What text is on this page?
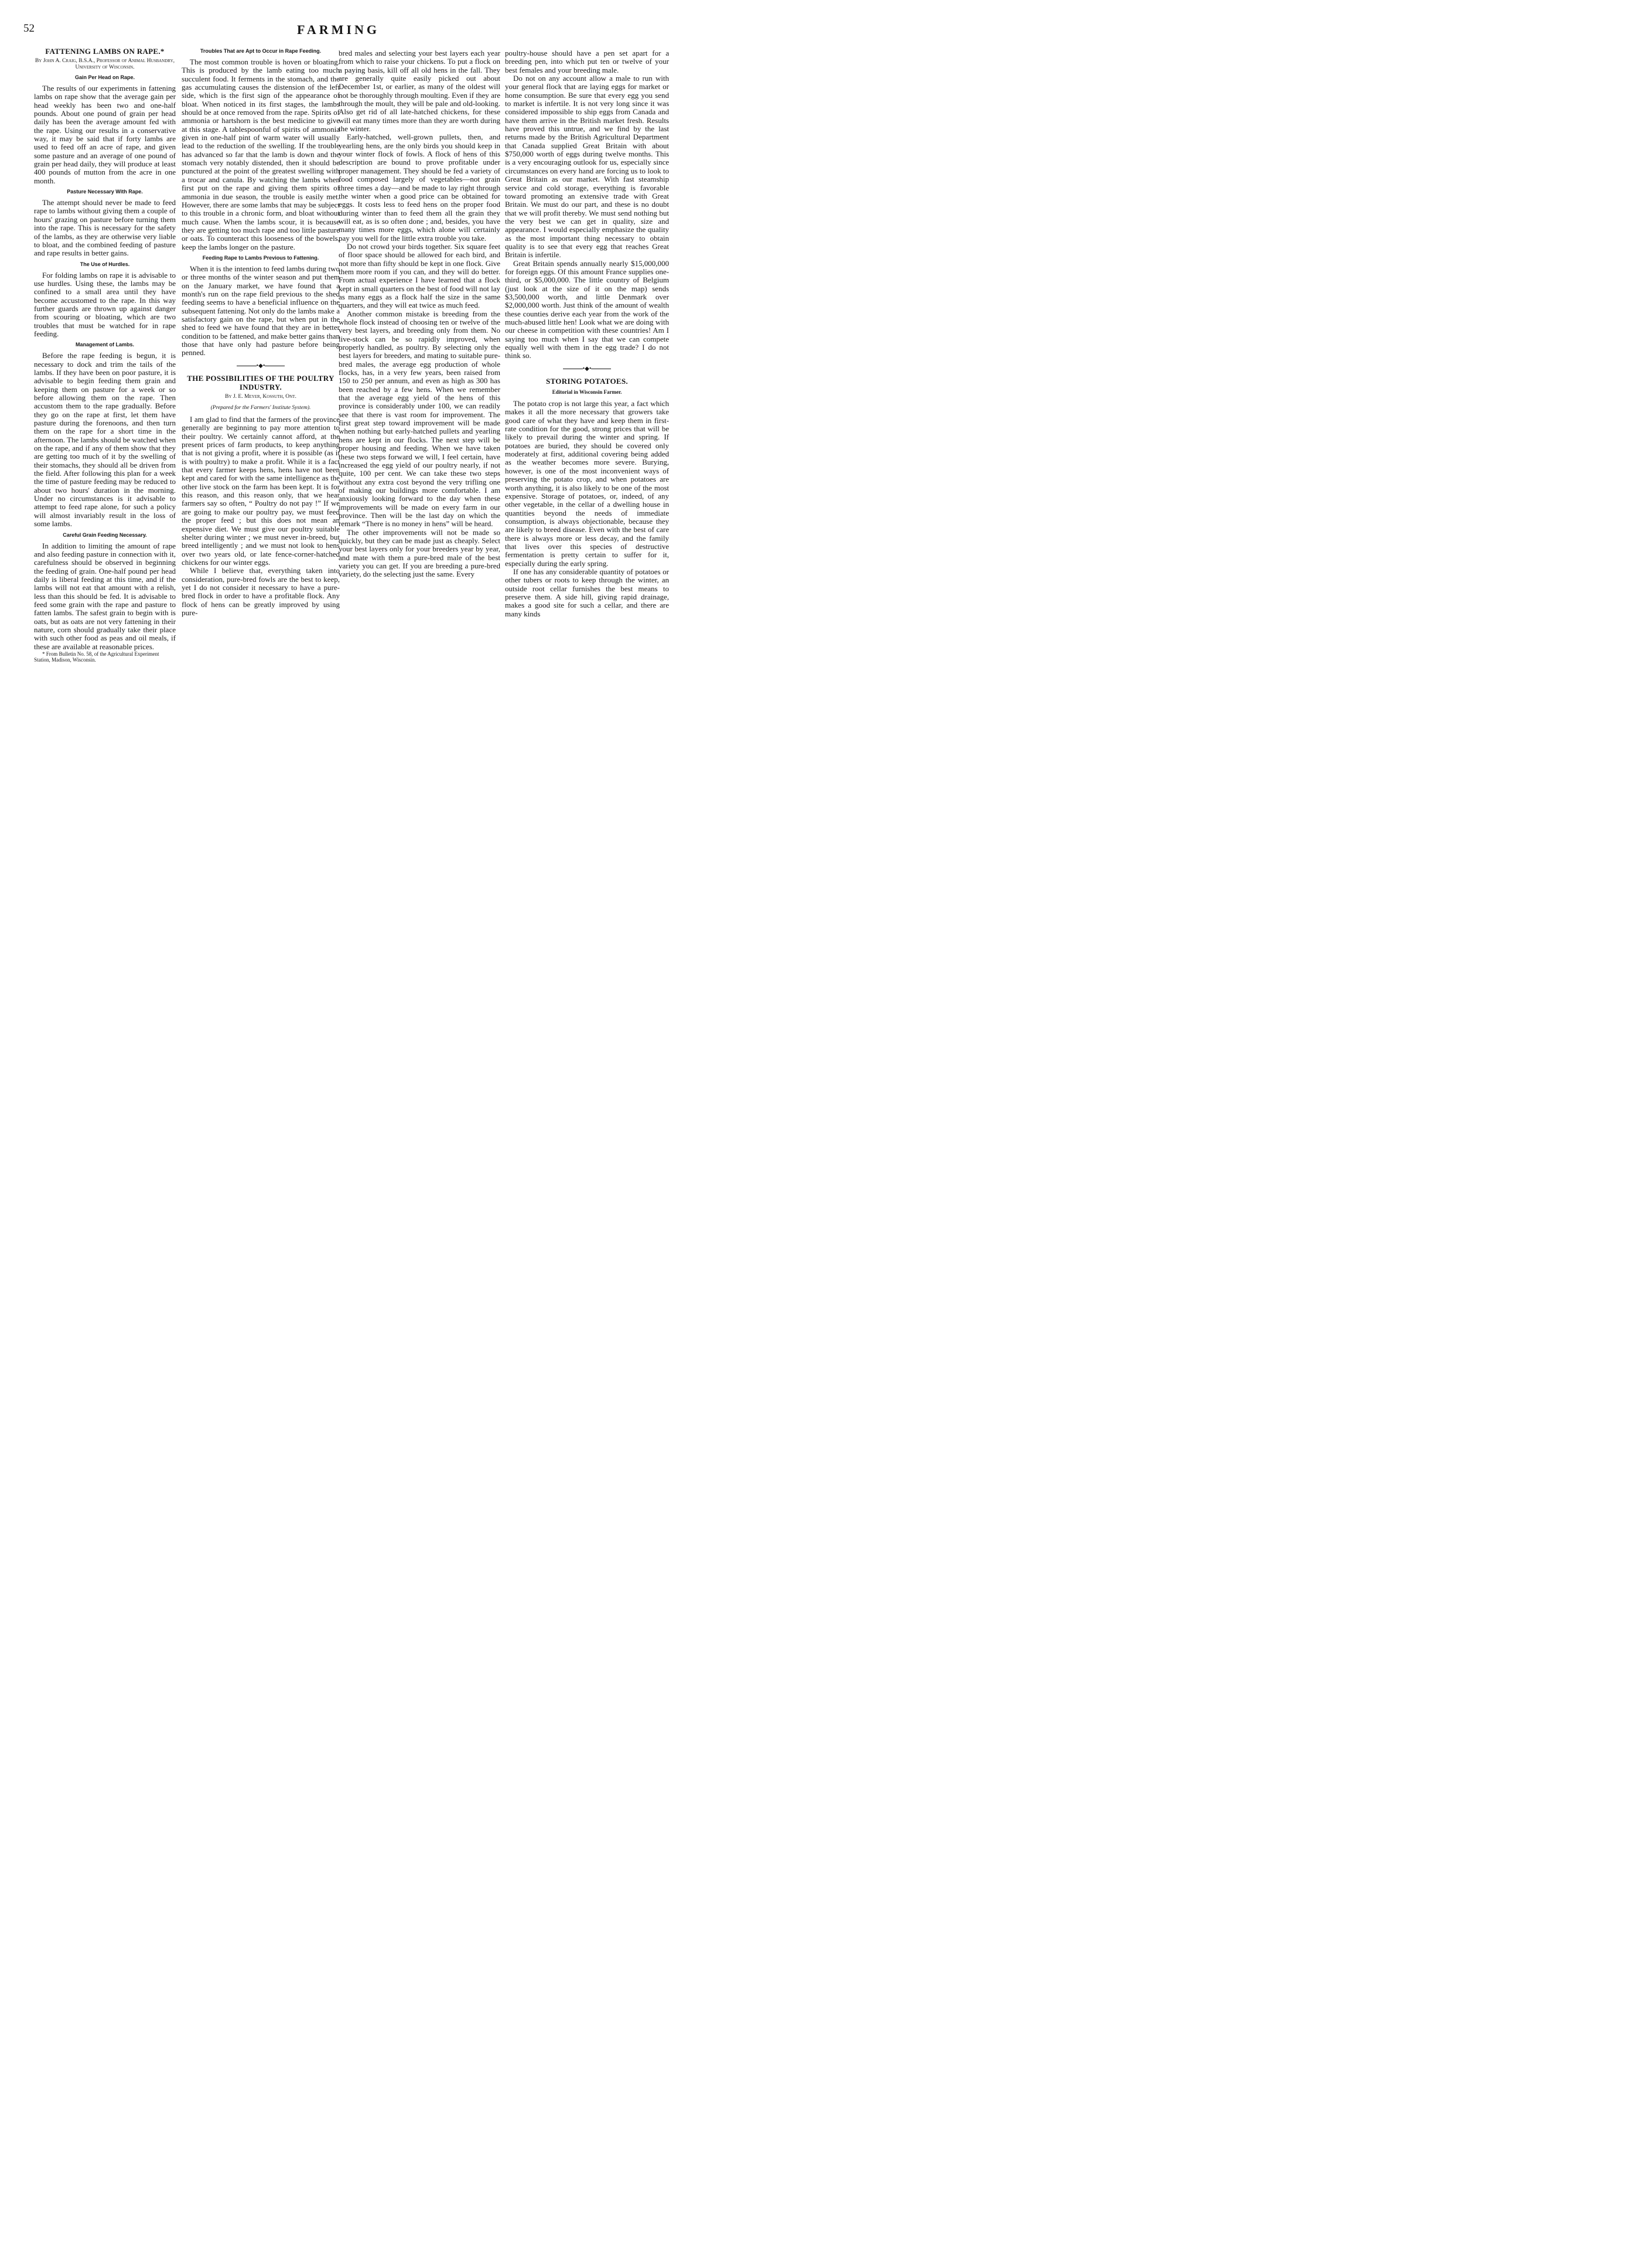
52	FARMING
FATTENING LAMBS ON RAPE.*
By John A. Craig, B.S.A., Professor of Animal Husbandry, University of Wisconsin.
Gain Per Head on Rape.

The results of our experiments in fattening lambs on rape show that the average gain per head weekly has been two and one-half pounds. About one pound of grain per head daily has been the average amount fed with the rape. Using our results in a conservative way, it may be said that if forty lambs are used to feed off an acre of rape, and given some pasture and an average of one pound of grain per head daily, they will produce at least 400 pounds of mutton from the acre in one month.

Pasture Necessary With Rape.

The attempt should never be made to feed rape to lambs without giving them a couple of hours' grazing on pasture before turning them into the rape. This is necessary for the safety of the lambs, as they are otherwise very liable to bloat, and the combined feeding of pasture and rape results in better gains.

The Use of Hurdles.

For folding lambs on rape it is advisable to use hurdles. Using these, the lambs may be confined to a small area until they have become accustomed to the rape. In this way further guards are thrown up against danger from scouring or bloating, which are two troubles that must be watched for in rape feeding.

Management of Lambs.

Before the rape feeding is begun, it is necessary to dock and trim the tails of the lambs. If they have been on poor pasture, it is advisable to begin feeding them grain and keeping them on pasture for a week or so before allowing them on the rape. Then accustom them to the rape gradually. Before they go on the rape at first, let them have pasture during the forenoons, and then turn them on the rape for a short time in the afternoon. The lambs should be watched when on the rape, and if any of them show that they are getting too much of it by the swelling of their stomachs, they should all be driven from the field. After following this plan for a week the time of pasture feeding may be reduced to about two hours' duration in the morning. Under no circumstances is it advisable to attempt to feed rape alone, for such a policy will almost invariably result in the loss of some lambs.

Careful Grain Feeding Necessary.

In addition to limiting the amount of rape and also feeding pasture in connection with it, carefulness should be observed in beginning the feeding of grain. One-half pound per head daily is liberal feeding at this time, and if the lambs will not eat that amount with a relish, less than this should be fed. It is advisable to feed some grain with the rape and pasture to fatten lambs. The safest grain to begin with is oats, but as oats are not very fattening in their nature, corn should gradually take their place with such other food as peas and oil meals, if these are available at reasonable prices.

* From Bulletin No. 58, of the Agricultural Experiment Station, Madison, Wisconsin.

Troubles That are Apt to Occur in Rape Feeding.

The most common trouble is hoven or bloating. This is produced by the lamb eating too much succulent food. It ferments in the stomach, and the gas accumulating causes the distension of the left side, which is the first sign of the appearance of bloat. When noticed in its first stages, the lambs should be at once removed from the rape. Spirits of ammonia or hartshorn is the best medicine to give at this stage. A tablespoonful of spirits of ammonia given in one-half pint of warm water will usually lead to the reduction of the swelling. If the trouble has advanced so far that the lamb is down and the stomach very notably distended, then it should be punctured at the point of the greatest swelling with a trocar and canula. By watching the lambs when first put on the rape and giving them spirits of ammonia in due season, the trouble is easily met. However, there are some lambs that may be subject to this trouble in a chronic form, and bloat without much cause. When the lambs scour, it is because they are getting too much rape and too little pasture or oats. To counteract this looseness of the bowels, keep the lambs longer on the pasture.

Feeding Rape to Lambs Previous to Fattening.

When it is the intention to feed lambs during two or three months of the winter season and put them on the January market, we have found that a month's run on the rape field previous to the shed feeding seems to have a beneficial influence on the subsequent fattening. Not only do the lambs make a satisfactory gain on the rape, but when put in the shed to feed we have found that they are in better condition to be fattened, and make better gains than those that have only had pasture before being penned.

•◆•
THE POSSIBILITIES OF THE POULTRY INDUSTRY.
By J. E. Meyer, Kossuth, Ont.
(Prepared for the Farmers' Institute System).

I am glad to find that the farmers of the province generally are beginning to pay more attention to their poultry. We certainly cannot afford, at the present prices of farm products, to keep anything that is not giving a profit, where it is possible (as it is with poultry) to make a profit. While it is a fact that every farmer keeps hens, hens have not been kept and cared for with the same intelligence as the other live stock on the farm has been kept. It is for this reason, and this reason only, that we hear farmers say so often, “ Poultry do not pay !” If we are going to make our poultry pay, we must feed the proper feed ; but this does not mean an expensive diet. We must give our poultry suitable shelter during winter ; we must never in-breed, but breed intelligently ; and we must not look to hens over two years old, or late fence-corner-hatched chickens for our winter eggs.

While I believe that, everything taken into consideration, pure-bred fowls are the best to keep, yet I do not consider it necessary to have a pure-bred flock in order to have a profitable flock. Any flock of hens can be greatly improved by using pure-

bred males and selecting your best layers each year from which to raise your chickens. To put a flock on a paying basis, kill off all old hens in the fall. They are generally quite easily picked out about December 1st, or earlier, as many of the oldest will not be thoroughly through moulting. Even if they are through the moult, they will be pale and old-looking. Also get rid of all late-hatched chickens, for these will eat many times more than they are worth during the winter.

Early-hatched, well-grown pullets, then, and yearling hens, are the only birds you should keep in your winter flock of fowls. A flock of hens of this description are bound to prove profitable under proper management. They should be fed a variety of food composed largely of vegetables—not grain three times a day—and be made to lay right through the winter when a good price can be obtained for eggs. It costs less to feed hens on the proper food during winter than to feed them all the grain they will eat, as is so often done ; and, besides, you have many times more eggs, which alone will certainly pay you well for the little extra trouble you take.

Do not crowd your birds together. Six square feet of floor space should be allowed for each bird, and not more than fifty should be kept in one flock. Give them more room if you can, and they will do better. From actual experience I have learned that a flock kept in small quarters on the best of food will not lay as many eggs as a flock half the size in the same quarters, and they will eat twice as much feed.

Another common mistake is breeding from the whole flock instead of choosing ten or twelve of the very best layers, and breeding only from them. No live-stock can be so rapidly improved, when properly handled, as poultry. By selecting only the best layers for breeders, and mating to suitable pure-bred males, the average egg production of whole flocks, has, in a very few years, been raised from 150 to 250 per annum, and even as high as 300 has been reached by a few hens. When we remember that the average egg yield of the hens of this province is considerably under 100, we can readily see that there is vast room for improvement. The first great step toward improvement will be made when nothing but early-hatched pullets and yearling hens are kept in our flocks. The next step will be proper housing and feeding. When we have taken these two steps forward we will, I feel certain, have increased the egg yield of our poultry nearly, if not quite, 100 per cent. We can take these two steps without any extra cost beyond the very trifling one of making our buildings more comfortable. I am anxiously looking forward to the day when these improvements will be made on every farm in our province. Then will be the last day on which the remark “There is no money in hens” will be heard.

The other improvements will not be made so quickly, but they can be made just as cheaply. Select your best layers only for your breeders year by year, and mate with them a pure-bred male of the best variety you can get. If you are breeding a pure-bred variety, do the selecting just the same. Every

poultry-house should have a pen set apart for a breeding pen, into which put ten or twelve of your best females and your breeding male.

Do not on any account allow a male to run with your general flock that are laying eggs for market or home consumption. Be sure that every egg you send to market is infertile. It is not very long since it was considered impossible to ship eggs from Canada and have them arrive in the British market fresh. Results have proved this untrue, and we find by the last returns made by the British Agricultural Department that Canada supplied Great Britain with about $750,000 worth of eggs during twelve months. This is a very encouraging outlook for us, especially since circumstances on every hand are forcing us to look to Great Britain as our market. With fast steamship service and cold storage, everything is favorable toward promoting an extensive trade with Great Britain. We must do our part, and these is no doubt that we will profit thereby. We must send nothing but the very best we can get in quality, size and appearance. I would especially emphasize the quality as the most important thing necessary to obtain quality is to see that every egg that reaches Great Britain is infertile.

Great Britain spends annually nearly $15,000,000 for foreign eggs. Of this amount France supplies one-third, or $5,000,000. The little country of Belgium (just look at the size of it on the map) sends $3,500,000 worth, and little Denmark over $2,000,000 worth. Just think of the amount of wealth these counties derive each year from the work of the much-abused little hen! Look what we are doing with our cheese in competition with these countries! Am I saying too much when I say that we can compete equally well with them in the egg trade? I do not think so.

•◆•
STORING POTATOES.
Editorial in Wisconsin Farmer.

The potato crop is not large this year, a fact which makes it all the more necessary that growers take good care of what they have and keep them in first-rate condition for the good, strong prices that will be likely to prevail during the winter and spring. If potatoes are buried, they should be covered only moderately at first, additional covering being added as the weather becomes more severe. Burying, however, is one of the most inconvenient ways of preserving the potato crop, and when potatoes are worth anything, it is also likely to be one of the most expensive. Storage of potatoes, or, indeed, of any other vegetable, in the cellar of a dwelling house in quantities beyond the needs of immediate consumption, is always objectionable, because they are likely to breed disease. Even with the best of care there is always more or less decay, and the family that lives over this species of destructive fermentation is pretty certain to suffer for it, especially during the early spring.

If one has any considerable quantity of potatoes or other tubers or roots to keep through the winter, an outside root cellar furnishes the best means to preserve them. A side hill, giving rapid drainage, makes a good site for such a cellar, and there are many kinds
